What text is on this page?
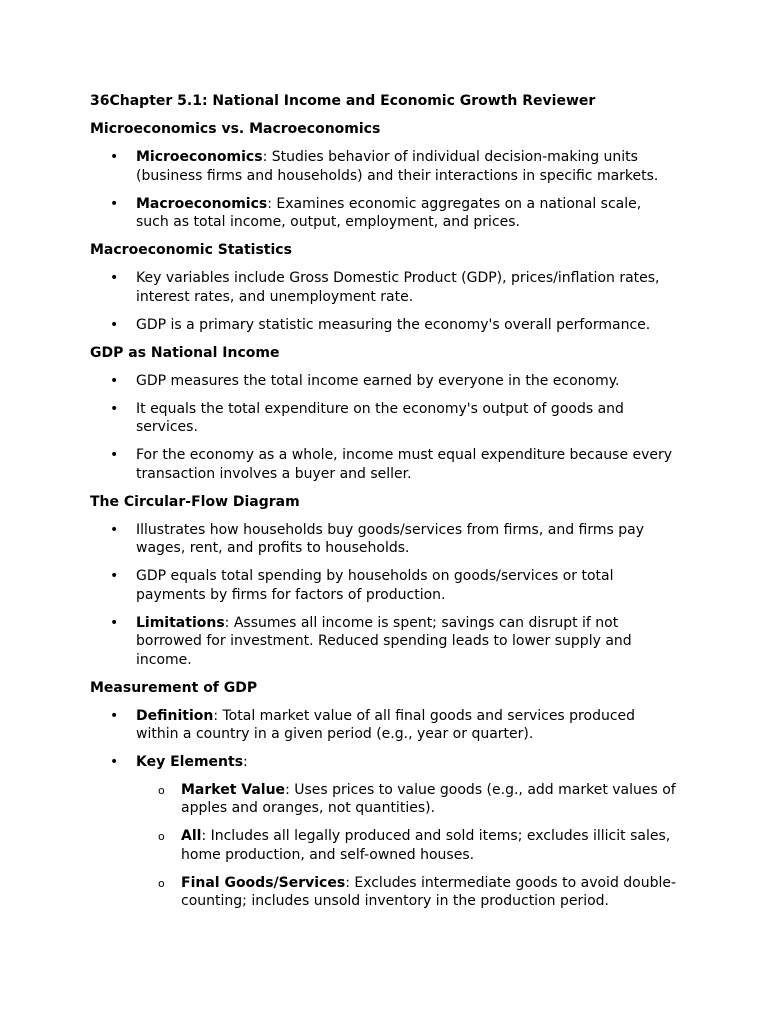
36Chapter 5.1: National Income and Economic Growth Reviewer

Microeconomics vs. Macroeconomics

• Microeconomics: Studies behavior of individual decision-making units (business firms and households) and their interactions in specific markets.
• Macroeconomics: Examines economic aggregates on a national scale, such as total income, output, employment, and prices.

Macroeconomic Statistics

• Key variables include Gross Domestic Product (GDP), prices/inflation rates, interest rates, and unemployment rate.
• GDP is a primary statistic measuring the economy's overall performance.

GDP as National Income

• GDP measures the total income earned by everyone in the economy.
• It equals the total expenditure on the economy's output of goods and services.
• For the economy as a whole, income must equal expenditure because every transaction involves a buyer and seller.

The Circular-Flow Diagram

• Illustrates how households buy goods/services from firms, and firms pay wages, rent, and profits to households.
• GDP equals total spending by households on goods/services or total payments by firms for factors of production.
• Limitations: Assumes all income is spent; savings can disrupt if not borrowed for investment. Reduced spending leads to lower supply and income.

Measurement of GDP

• Definition: Total market value of all final goods and services produced within a country in a given period (e.g., year or quarter).
• Key Elements:
o Market Value: Uses prices to value goods (e.g., add market values of apples and oranges, not quantities).
o All: Includes all legally produced and sold items; excludes illicit sales, home production, and self-owned houses.
o Final Goods/Services: Excludes intermediate goods to avoid double-counting; includes unsold inventory in the production period.
